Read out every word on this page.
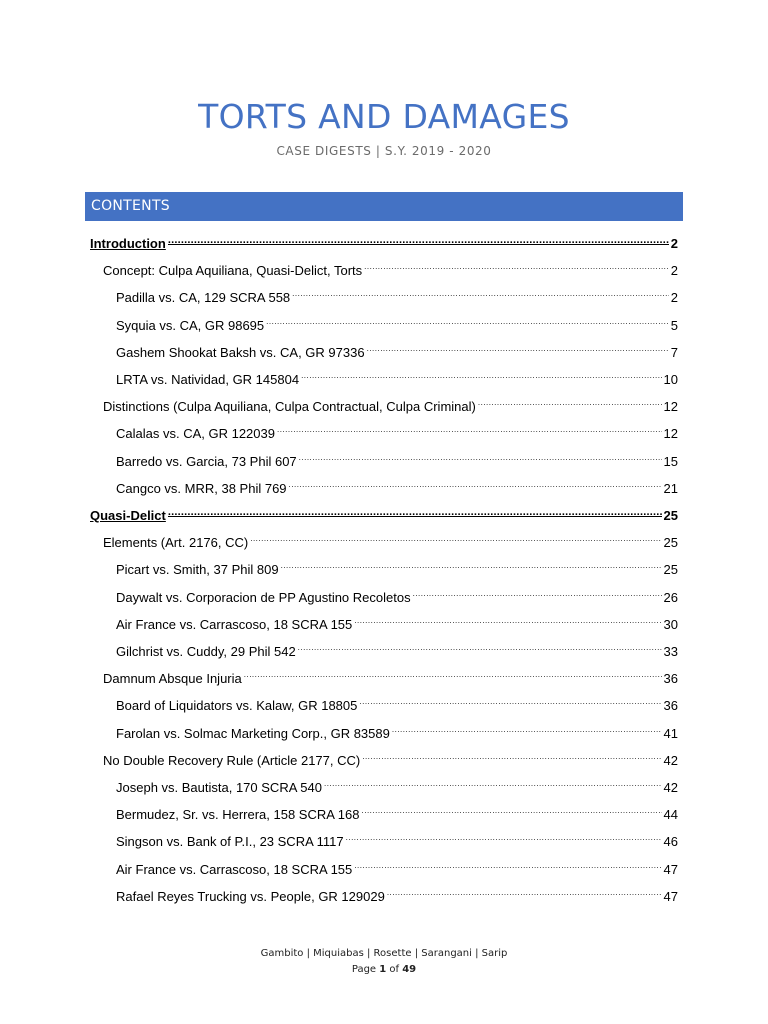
TORTS AND DAMAGES
CASE DIGESTS | S.Y. 2019 - 2020
CONTENTS
Introduction .....	2
Concept: Culpa Aquiliana, Quasi-Delict, Torts .....	2
Padilla vs. CA, 129 SCRA 558 .....	2
Syquia vs. CA, GR 98695 .....	5
Gashem Shookat Baksh vs. CA, GR 97336 .....	7
LRTA vs. Natividad, GR 145804 .....	10
Distinctions (Culpa Aquiliana, Culpa Contractual, Culpa Criminal) .....	12
Calalas vs. CA, GR 122039 .....	12
Barredo vs. Garcia, 73 Phil 607 .....	15
Cangco vs. MRR, 38 Phil 769 .....	21
Quasi-Delict .....	25
Elements (Art. 2176, CC) .....	25
Picart vs. Smith, 37 Phil 809 .....	25
Daywalt vs. Corporacion de PP Agustino Recoletos .....	26
Air France vs. Carrascoso, 18 SCRA 155 .....	30
Gilchrist vs. Cuddy, 29 Phil 542 .....	33
Damnum Absque Injuria .....	36
Board of Liquidators vs. Kalaw, GR 18805 .....	36
Farolan vs. Solmac Marketing Corp., GR 83589 .....	41
No Double Recovery Rule (Article 2177, CC) .....	42
Joseph vs. Bautista, 170 SCRA 540 .....	42
Bermudez, Sr. vs. Herrera, 158 SCRA 168 .....	44
Singson vs. Bank of P.I., 23 SCRA 1117 .....	46
Air France vs. Carrascoso, 18 SCRA 155 .....	47
Rafael Reyes Trucking vs. People, GR 129029 .....	47
Gambito | Miquiabas | Rosette | Sarangani | Sarip
Page 1 of 49
